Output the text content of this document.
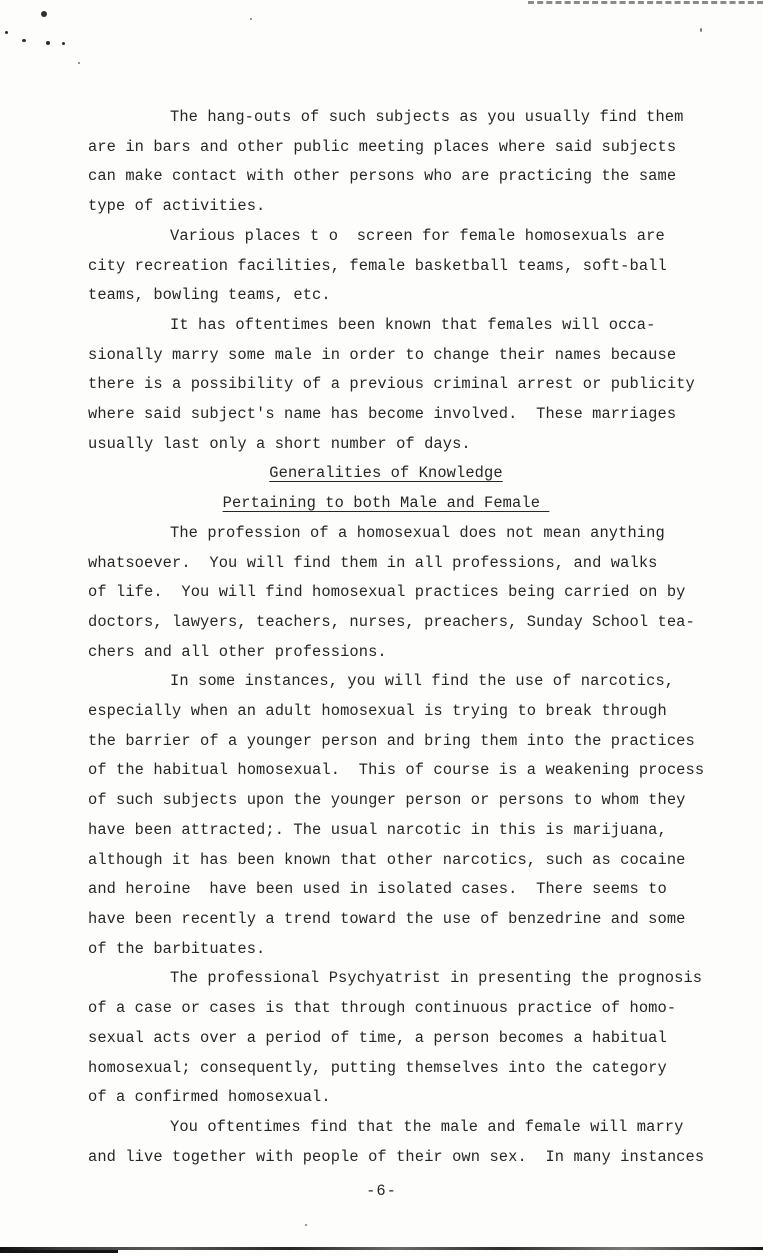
The hang-outs of such subjects as you usually find them
are in bars and other public meeting places where said subjects
can make contact with other persons who are practicing the same
type of activities.
Various places t o  screen for female homosexuals are
city recreation facilities, female basketball teams, soft-ball
teams, bowling teams, etc.
It has oftentimes been known that females will occa-
sionally marry some male in order to change their names because
there is a possibility of a previous criminal arrest or publicity
where said subject's name has become involved.  These marriages
usually last only a short number of days.
Generalities of Knowledge
Pertaining to both Male and Female
The profession of a homosexual does not mean anything
whatsoever.  You will find them in all professions, and walks
of life.  You will find homosexual practices being carried on by
doctors, lawyers, teachers, nurses, preachers, Sunday School tea-
chers and all other professions.
In some instances, you will find the use of narcotics,
especially when an adult homosexual is trying to break through
the barrier of a younger person and bring them into the practices
of the habitual homosexual.  This of course is a weakening process
of such subjects upon the younger person or persons to whom they
have been attracted;. The usual narcotic in this is marijuana,
although it has been known that other narcotics, such as cocaine
and heroine  have been used in isolated cases.  There seems to
have been recently a trend toward the use of benzedrine and some
of the barbituates.
The professional Psychyatrist in presenting the prognosis
of a case or cases is that through continuous practice of homo-
sexual acts over a period of time, a person becomes a habitual
homosexual; consequently, putting themselves into the category
of a confirmed homosexual.
You oftentimes find that the male and female will marry
and live together with people of their own sex.  In many instances
-6-
